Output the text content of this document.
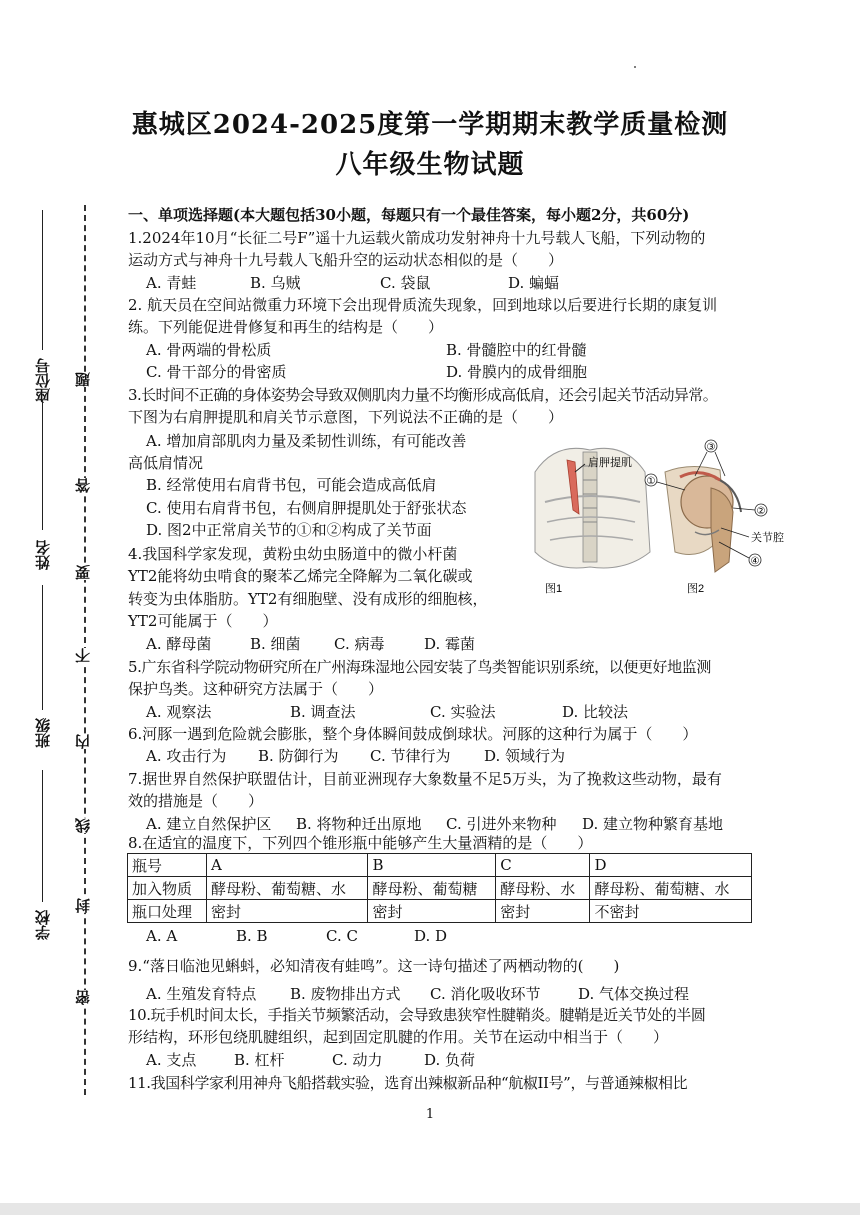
惠城区2024-2025度第一学期期末教学质量检测
八年级生物试题
题
答
要
不
内
线
封
密
座位号
姓名
班级
学校
一、单项选择题(本大题包括30小题，每题只有一个最佳答案，每小题2分，共60分)
1.2024年10月“长征二号F”遥十九运载火箭成功发射神舟十九号载人飞船，下列动物的
运动方式与神舟十九号载人飞船升空的运动状态相似的是（　　）
A. 青蛙	B. 乌贼	C. 袋鼠	D. 蝙蝠
2. 航天员在空间站微重力环境下会出现骨质流失现象，回到地球以后要进行长期的康复训
练。下列能促进骨修复和再生的结构是（　　）
A. 骨两端的骨松质	B. 骨髓腔中的红骨髓
C. 骨干部分的骨密质	D. 骨膜内的成骨细胞
3.长时间不正确的身体姿势会导致双侧肌肉力量不均衡形成高低肩，还会引起关节活动异常。
下图为右肩胛提肌和肩关节示意图，下列说法不正确的是（　　）
A. 增加肩部肌肉力量及柔韧性训练，有可能改善
高低肩情况
B. 经常使用右肩背书包，可能会造成高低肩
C. 使用右肩背书包，右侧肩胛提肌处于舒张状态
D. 图2中正常肩关节的①和②构成了关节面
肩胛提肌
图1
③
①
②
关节腔
④
图2
4.我国科学家发现，黄粉虫幼虫肠道中的微小杆菌
YT2能将幼虫啃食的聚苯乙烯完全降解为二氧化碳或
转变为虫体脂肪。YT2有细胞壁、没有成形的细胞核，
YT2可能属于（　　）
A. 酵母菌	B. 细菌 C. 病毒	D. 霉菌
5.广东省科学院动物研究所在广州海珠湿地公园安装了鸟类智能识别系统，以便更好地监测
保护鸟类。这种研究方法属于（　　）
A. 观察法	B. 调查法	C. 实验法	D. 比较法
6.河豚一遇到危险就会膨胀，整个身体瞬间鼓成倒球状。河豚的这种行为属于（　　）
A. 攻击行为 B. 防御行为 C. 节律行为 D. 领域行为
7.据世界自然保护联盟估计，目前亚洲现存大象数量不足5万头，为了挽救这些动物，最有
效的措施是（　　）
A. 建立自然保护区 B. 将物种迁出原地 C. 引进外来物种 D. 建立物种繁育基地
8.在适宜的温度下，下列四个锥形瓶中能够产生大量酒精的是（　　）
瓶号	A	B	C	D
加入物质	酵母粉、葡萄糖、水	酵母粉、葡萄糖	酵母粉、水	酵母粉、葡萄糖、水
瓶口处理	密封	密封	密封	不密封
A. A	B. B	C. C	D. D
9.“落日临池见蝌蚪，必知清夜有蛙鸣”。这一诗句描述了两栖动物的(　　)
A. 生殖发育特点 B. 废物排出方式 C. 消化吸收环节	D. 气体交换过程
10.玩手机时间太长，手指关节频繁活动，会导致患狭窄性腱鞘炎。腱鞘是近关节处的半圆
形结构，环形包绕肌腱组织，起到固定肌腱的作用。关节在运动中相当于（　　）
A. 支点	B. 杠杆	C. 动力	D. 负荷
11.我国科学家利用神舟飞船搭载实验，选育出辣椒新品种“航椒II号”，与普通辣椒相比
1
